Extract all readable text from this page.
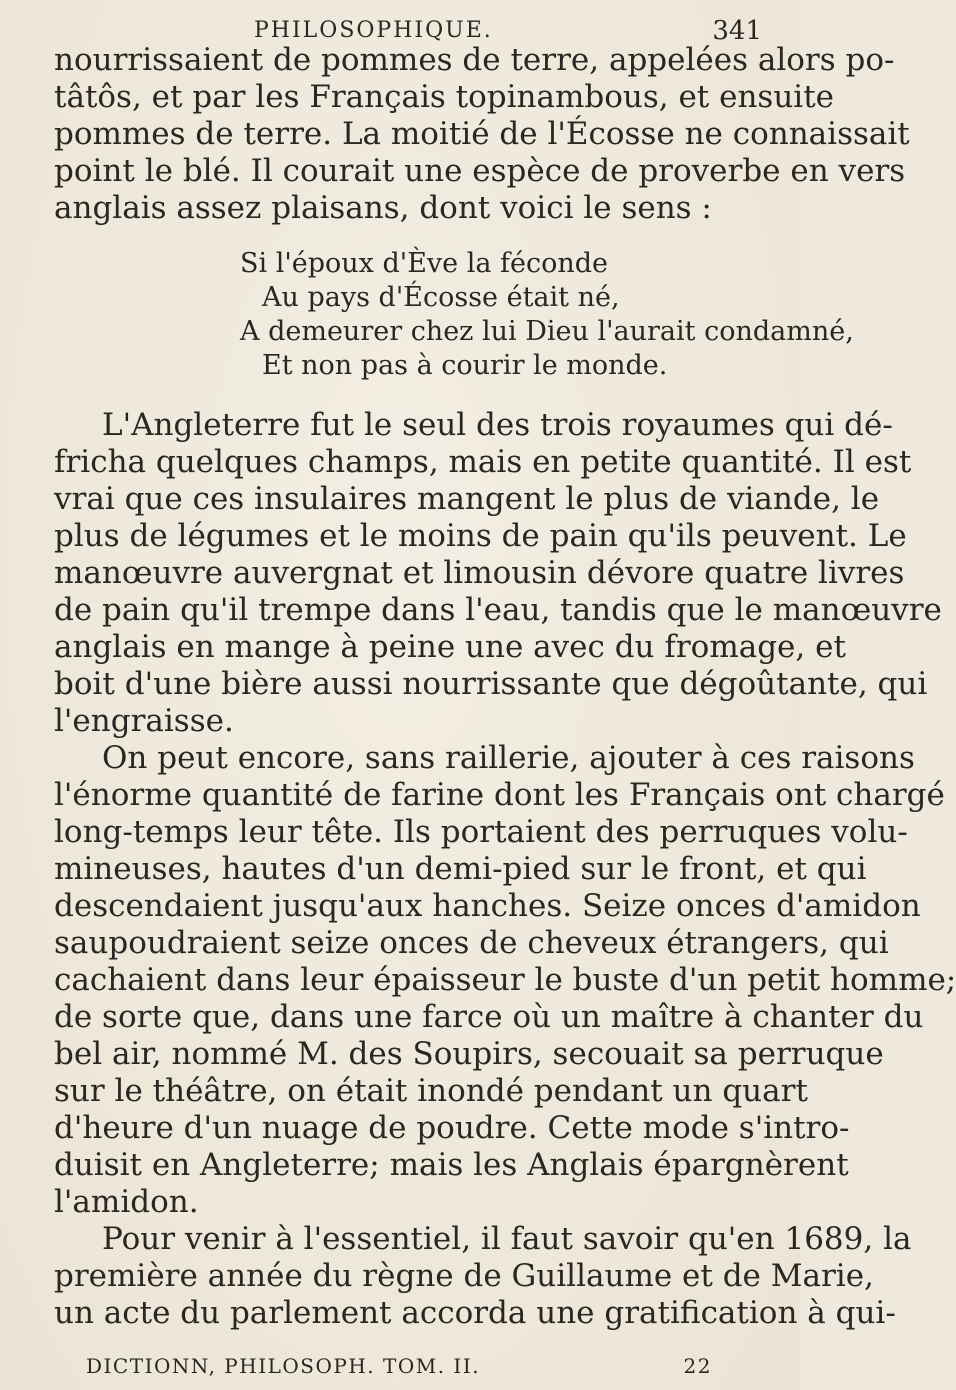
PHILOSOPHIQUE.	341

nourrissaient de pommes de terre, appelées alors po-
tâtôs, et par les Français topinambous, et ensuite
pommes de terre. La moitié de l'Écosse ne connaissait
point le blé. Il courait une espèce de proverbe en vers
anglais assez plaisans, dont voici le sens :

Si l'époux d'Ève la féconde
Au pays d'Écosse était né,
A demeurer chez lui Dieu l'aurait condamné,
Et non pas à courir le monde.

L'Angleterre fut le seul des trois royaumes qui dé-
fricha quelques champs, mais en petite quantité. Il est
vrai que ces insulaires mangent le plus de viande, le
plus de légumes et le moins de pain qu'ils peuvent. Le
manœuvre auvergnat et limousin dévore quatre livres
de pain qu'il trempe dans l'eau, tandis que le manœuvre
anglais en mange à peine une avec du fromage, et
boit d'une bière aussi nourrissante que dégoûtante, qui
l'engraisse.

On peut encore, sans raillerie, ajouter à ces raisons
l'énorme quantité de farine dont les Français ont chargé
long-temps leur tête. Ils portaient des perruques volu-
mineuses, hautes d'un demi-pied sur le front, et qui
descendaient jusqu'aux hanches. Seize onces d'amidon
saupoudraient seize onces de cheveux étrangers, qui
cachaient dans leur épaisseur le buste d'un petit homme;
de sorte que, dans une farce où un maître à chanter du
bel air, nommé M. des Soupirs, secouait sa perruque
sur le théâtre, on était inondé pendant un quart
d'heure d'un nuage de poudre. Cette mode s'intro-
duisit en Angleterre; mais les Anglais épargnèrent
l'amidon.

Pour venir à l'essentiel, il faut savoir qu'en 1689, la
première année du règne de Guillaume et de Marie,
un acte du parlement accorda une gratification à qui-

DICTIONN, PHILOSOPH. TOM. II.	22
